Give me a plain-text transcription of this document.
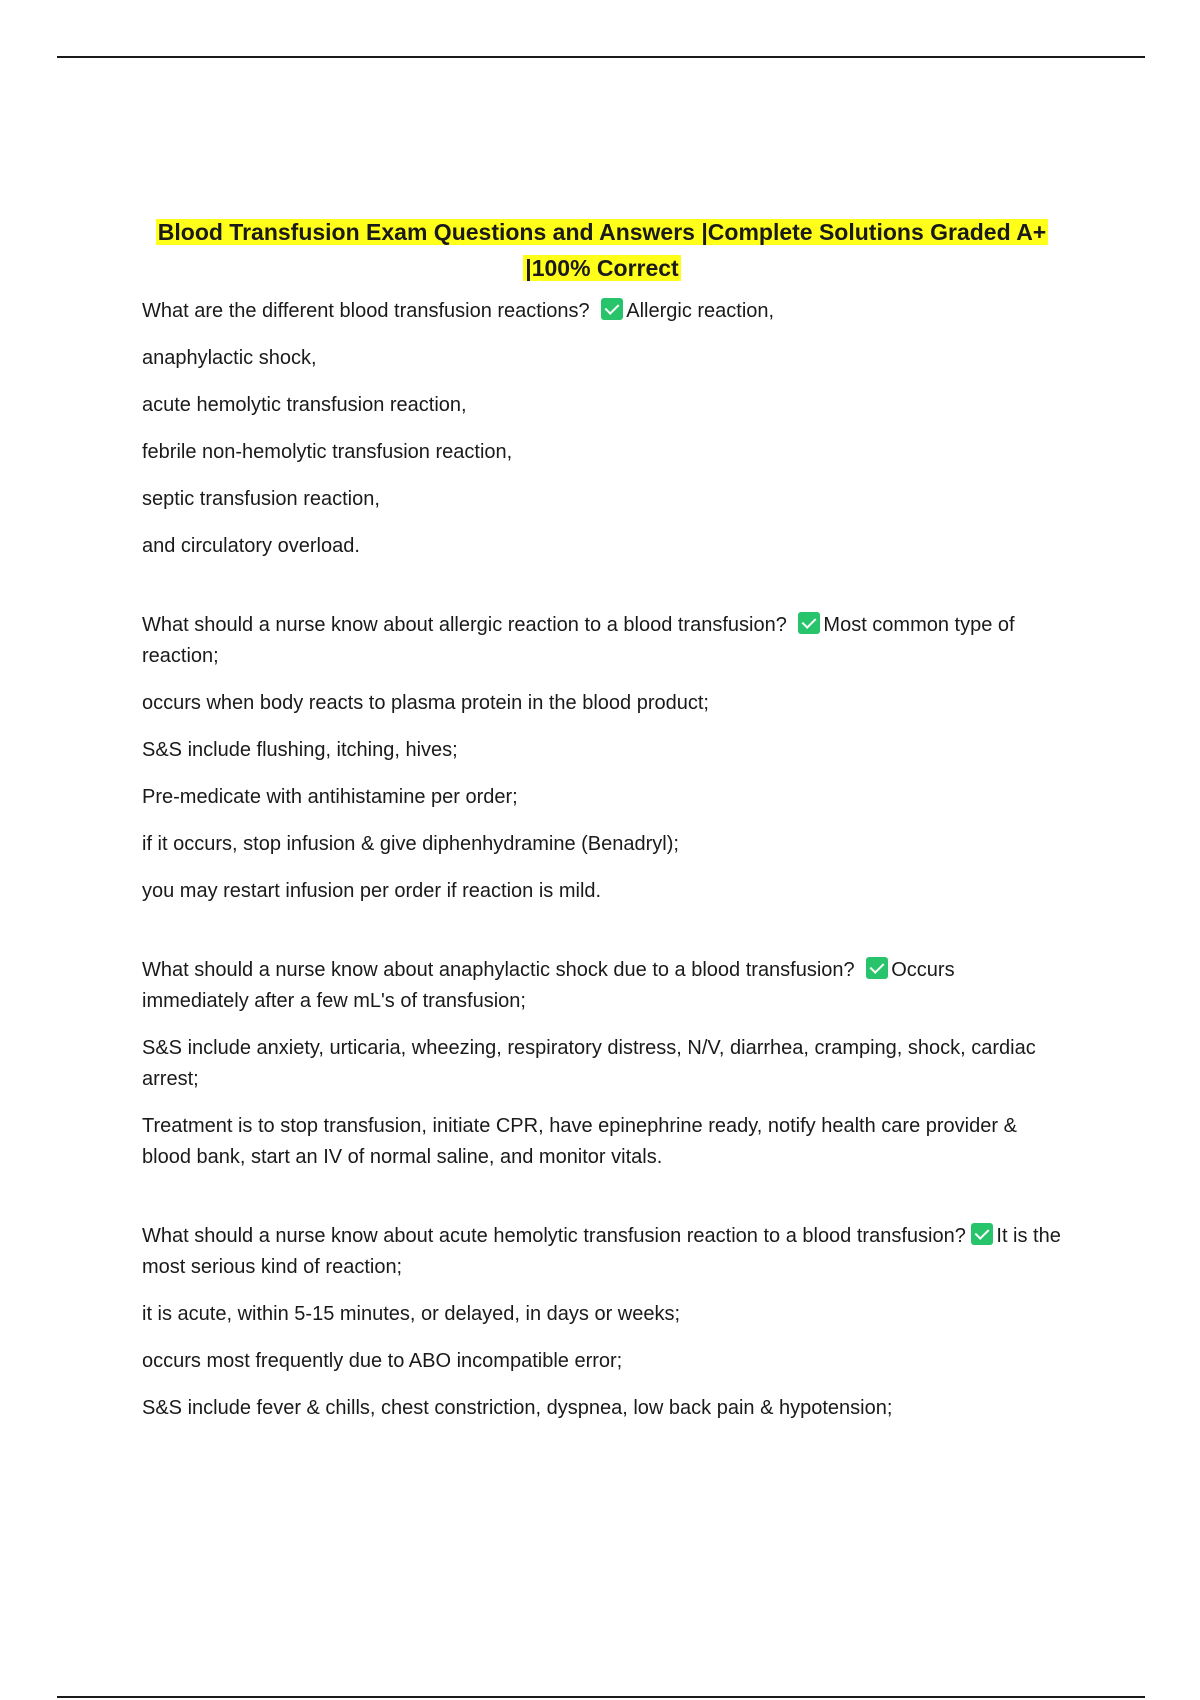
Blood Transfusion Exam Questions and Answers |Complete Solutions Graded A+
|100% Correct

What are the different blood transfusion reactions? Allergic reaction,

anaphylactic shock,

acute hemolytic transfusion reaction,

febrile non-hemolytic transfusion reaction,

septic transfusion reaction,

and circulatory overload.

What should a nurse know about allergic reaction to a blood transfusion? Most common type of reaction;

occurs when body reacts to plasma protein in the blood product;

S&S include flushing, itching, hives;

Pre-medicate with antihistamine per order;

if it occurs, stop infusion & give diphenhydramine (Benadryl);

you may restart infusion per order if reaction is mild.

What should a nurse know about anaphylactic shock due to a blood transfusion? Occurs immediately after a few mL's of transfusion;

S&S include anxiety, urticaria, wheezing, respiratory distress, N/V, diarrhea, cramping, shock, cardiac arrest;

Treatment is to stop transfusion, initiate CPR, have epinephrine ready, notify health care provider & blood bank, start an IV of normal saline, and monitor vitals.

What should a nurse know about acute hemolytic transfusion reaction to a blood transfusion? It is the most serious kind of reaction;

it is acute, within 5-15 minutes, or delayed, in days or weeks;

occurs most frequently due to ABO incompatible error;

S&S include fever & chills, chest constriction, dyspnea, low back pain & hypotension;
